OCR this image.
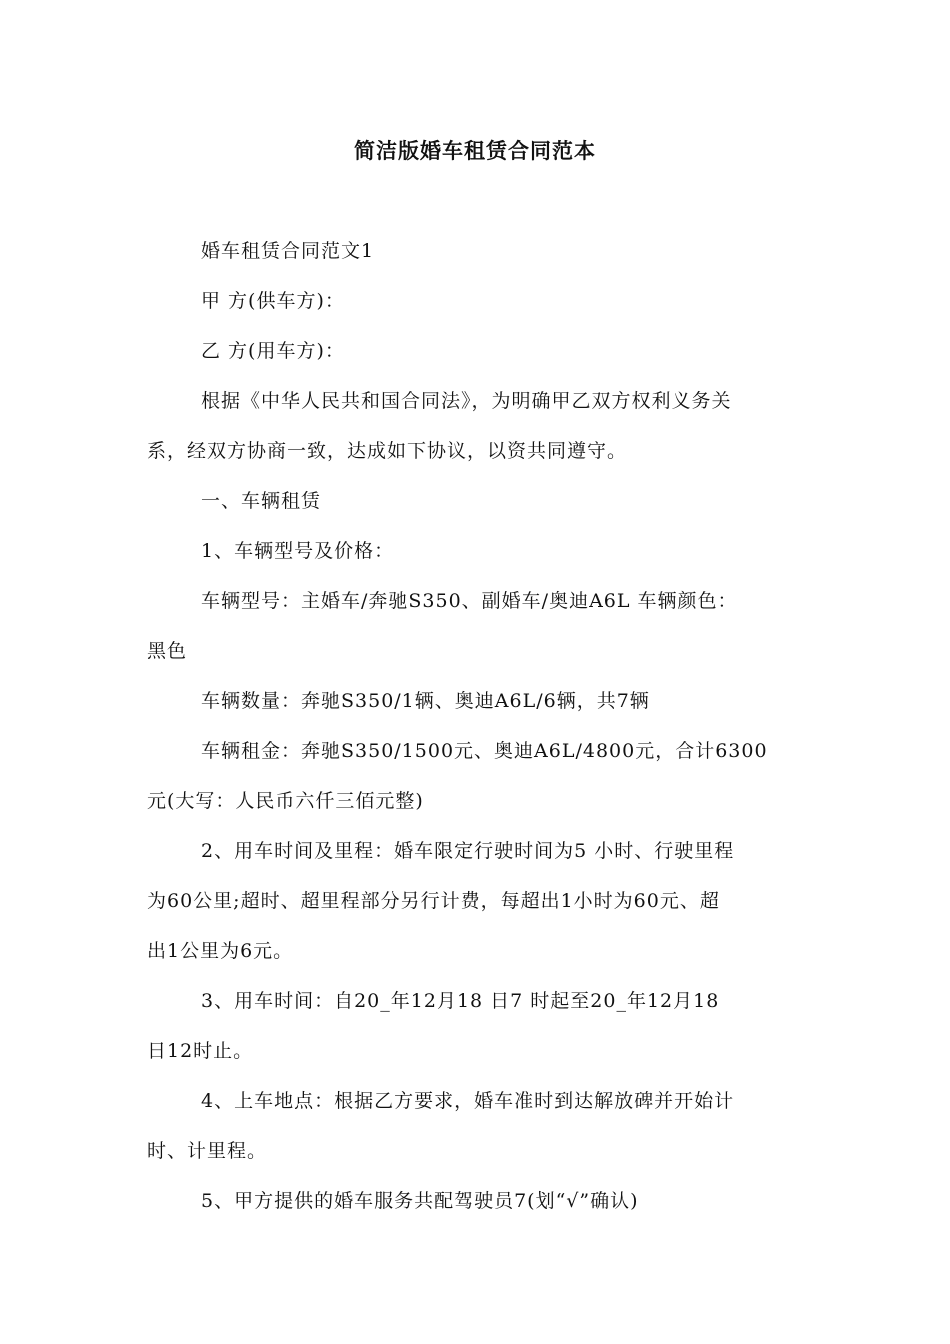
简洁版婚车租赁合同范本
婚车租赁合同范文1
甲 方(供车方)：
乙 方(用车方)：
根据《中华人民共和国合同法》，为明确甲乙双方权利义务关
系，经双方协商一致，达成如下协议，以资共同遵守。
一、车辆租赁
1、车辆型号及价格：
车辆型号：主婚车/奔驰S350、副婚车/奥迪A6L 车辆颜色：
黑色
车辆数量：奔驰S350/1辆、奥迪A6L/6辆，共7辆
车辆租金：奔驰S350/1500元、奥迪A6L/4800元，合计6300
元(大写：人民币六仟三佰元整)
2、用车时间及里程：婚车限定行驶时间为5 小时、行驶里程
为60公里;超时、超里程部分另行计费，每超出1小时为60元、超
出1公里为6元。
3、用车时间：自20_年12月18 日7 时起至20_年12月18
日12时止。
4、上车地点：根据乙方要求，婚车准时到达解放碑并开始计
时、计里程。
5、甲方提供的婚车服务共配驾驶员7(划“√”确认)
